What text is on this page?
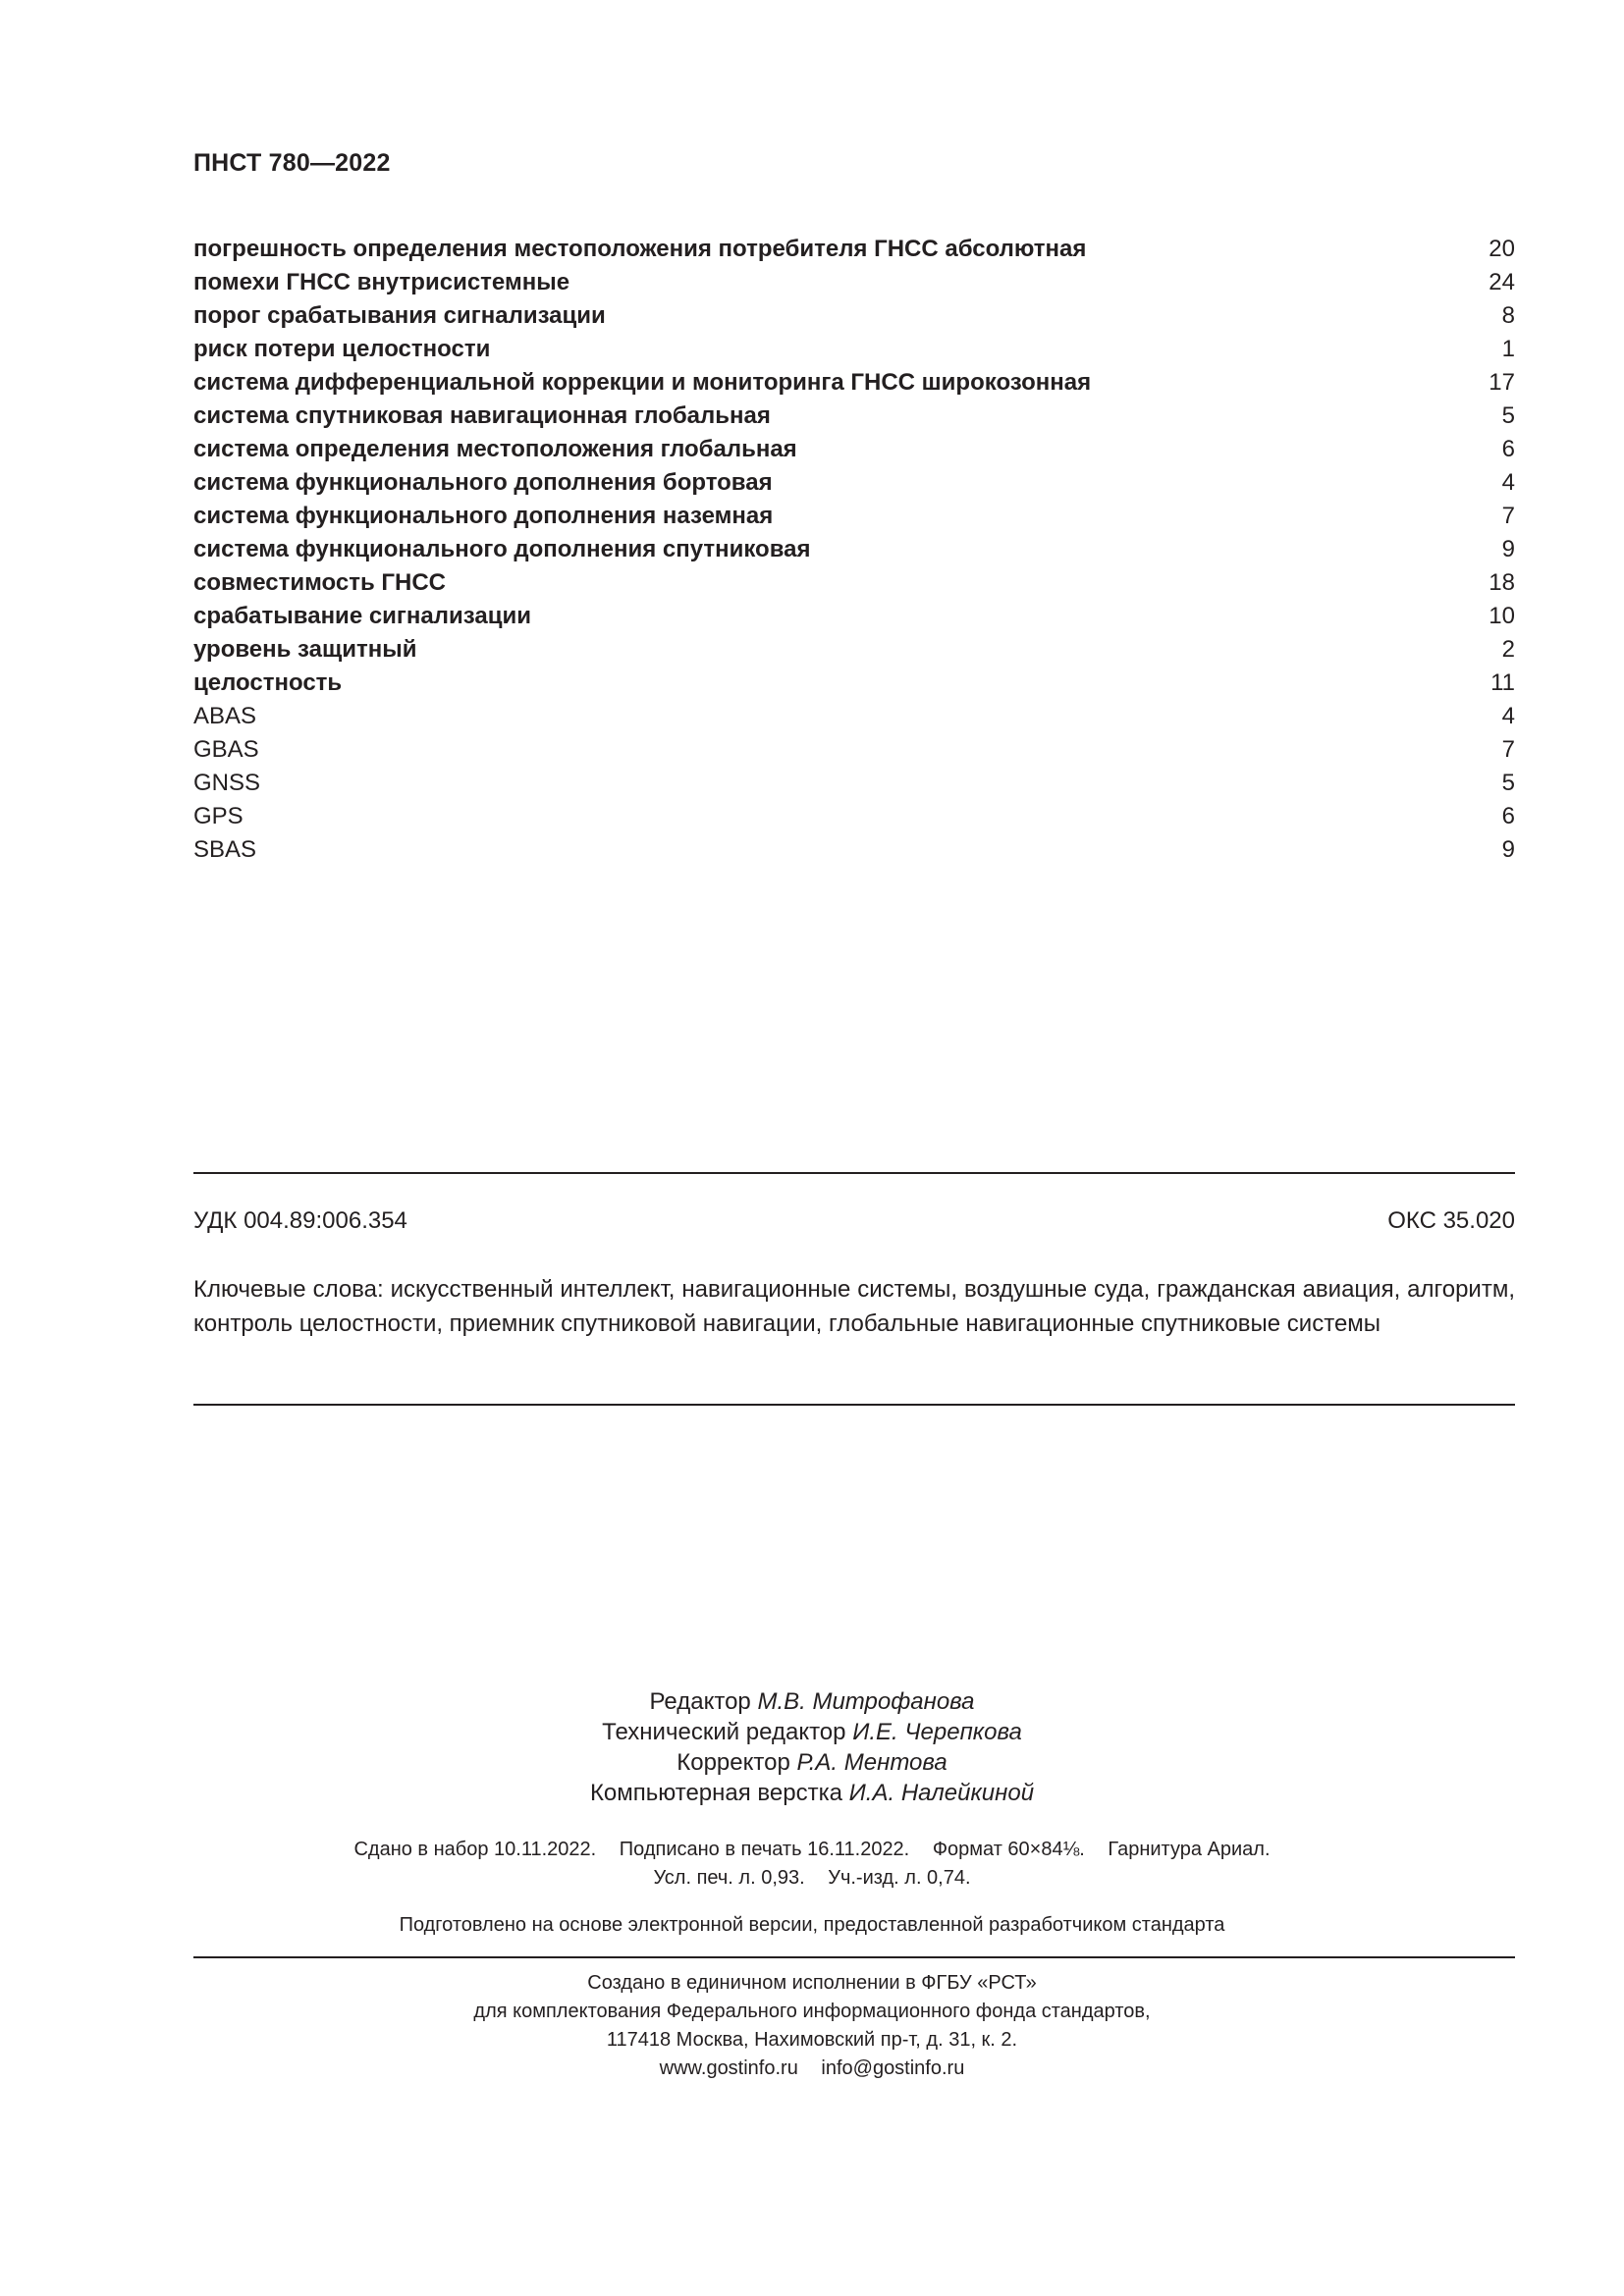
ПНСТ 780—2022
погрешность определения местоположения потребителя ГНСС абсолютная	20
помехи ГНСС внутрисистемные	24
порог срабатывания сигнализации	8
риск потери целостности	1
система дифференциальной коррекции и мониторинга ГНСС широкозонная	17
система спутниковая навигационная глобальная	5
система определения местоположения глобальная	6
система функционального дополнения бортовая	4
система функционального дополнения наземная	7
система функционального дополнения спутниковая	9
совместимость ГНСС	18
срабатывание сигнализации	10
уровень защитный	2
целостность	11
ABAS	4
GBAS	7
GNSS	5
GPS	6
SBAS	9
УДК 004.89:006.354	ОКС 35.020

Ключевые слова: искусственный интеллект, навигационные системы, воздушные суда, гражданская авиация, алгоритм, контроль целостности, приемник спутниковой навигации, глобальные навигационные спутниковые системы

Редактор М.В. Митрофанова
Технический редактор И.Е. Черепкова
Корректор Р.А. Ментова
Компьютерная верстка И.А. Налейкиной
Сдано в набор 10.11.2022. Подписано в печать 16.11.2022. Формат 60×84⅛. Гарнитура Ариал.
Усл. печ. л. 0,93. Уч.-изд. л. 0,74.
Подготовлено на основе электронной версии, предоставленной разработчиком стандарта
Создано в единичном исполнении в ФГБУ «РСТ»
для комплектования Федерального информационного фонда стандартов,
117418 Москва, Нахимовский пр-т, д. 31, к. 2.
www.gostinfo.ru info@gostinfo.ru
